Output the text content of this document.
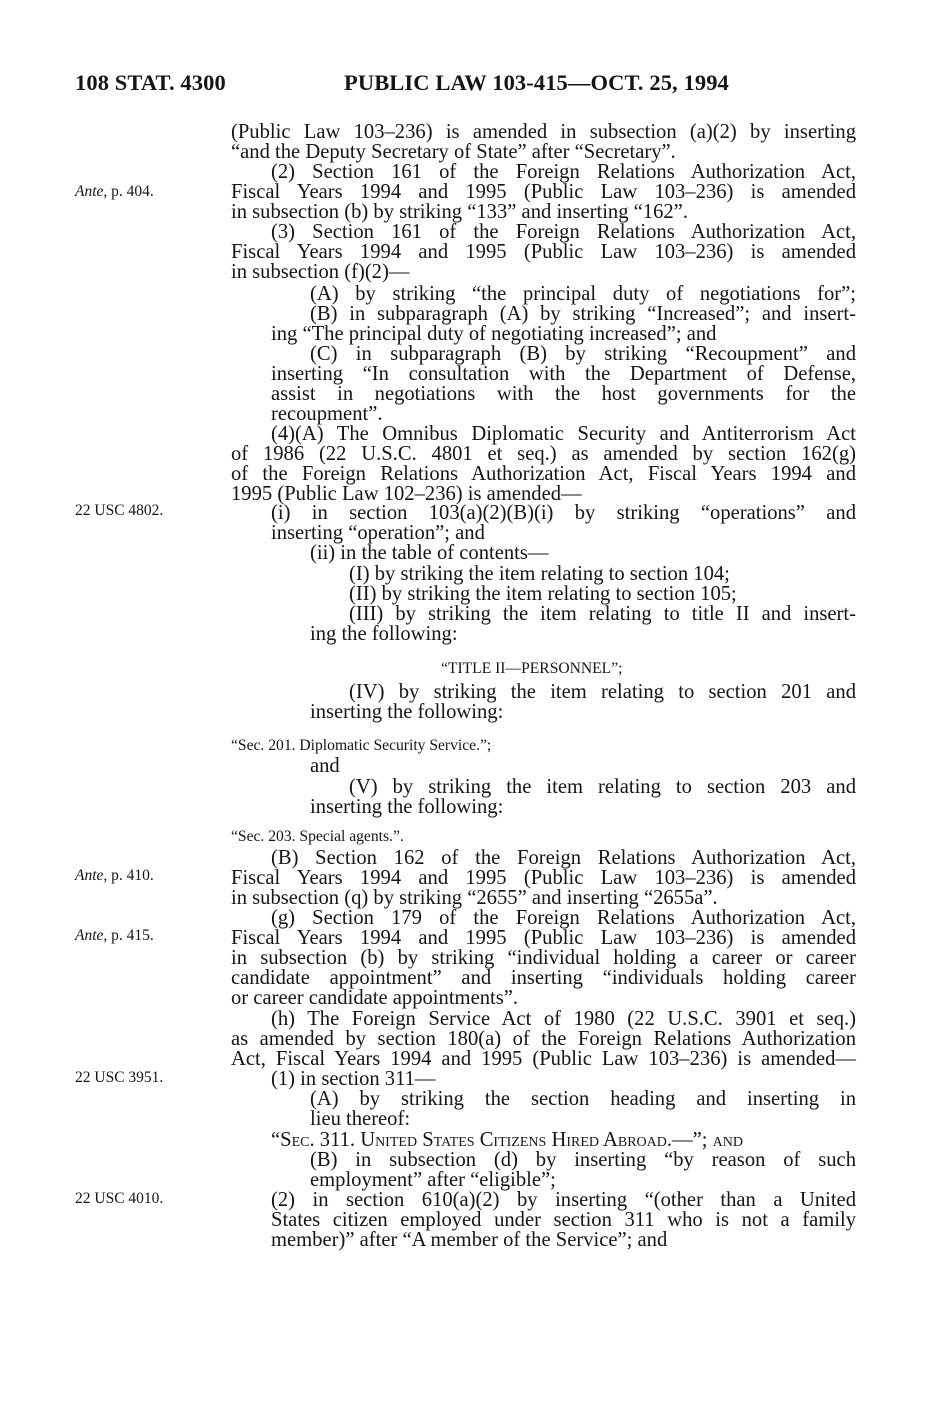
108 STAT. 4300	PUBLIC LAW 103-415—OCT. 25, 1994
Ante, p. 404.
22 USC 4802.
Ante, p. 410.
Ante, p. 415.
22 USC 3951.
22 USC 4010.
(Public Law 103–236) is amended in subsection (a)(2) by inserting
“and the Deputy Secretary of State” after “Secretary”.
(2) Section 161 of the Foreign Relations Authorization Act,
Fiscal Years 1994 and 1995 (Public Law 103–236) is amended
in subsection (b) by striking “133” and inserting “162”.
(3) Section 161 of the Foreign Relations Authorization Act,
Fiscal Years 1994 and 1995 (Public Law 103–236) is amended
in subsection (f)(2)—
(A) by striking “the principal duty of negotiations for”;
(B) in subparagraph (A) by striking “Increased”; and insert-
ing “The principal duty of negotiating increased”; and
(C) in subparagraph (B) by striking “Recoupment” and
inserting “In consultation with the Department of Defense,
assist in negotiations with the host governments for the
recoupment”.
(4)(A) The Omnibus Diplomatic Security and Antiterrorism Act
of 1986 (22 U.S.C. 4801 et seq.) as amended by section 162(g)
of the Foreign Relations Authorization Act, Fiscal Years 1994 and
1995 (Public Law 102–236) is amended—
(i) in section 103(a)(2)(B)(i) by striking “operations” and
inserting “operation”; and
(ii) in the table of contents—
(I) by striking the item relating to section 104;
(II) by striking the item relating to section 105;
(III) by striking the item relating to title II and insert-
ing the following:
“TITLE II—PERSONNEL”;
(IV) by striking the item relating to section 201 and
inserting the following:
“Sec. 201. Diplomatic Security Service.”;
and
(V) by striking the item relating to section 203 and
inserting the following:
“Sec. 203. Special agents.”.
(B) Section 162 of the Foreign Relations Authorization Act,
Fiscal Years 1994 and 1995 (Public Law 103–236) is amended
in subsection (q) by striking “2655” and inserting “2655a”.
(g) Section 179 of the Foreign Relations Authorization Act,
Fiscal Years 1994 and 1995 (Public Law 103–236) is amended
in subsection (b) by striking “individual holding a career or career
candidate appointment” and inserting “individuals holding career
or career candidate appointments”.
(h) The Foreign Service Act of 1980 (22 U.S.C. 3901 et seq.)
as amended by section 180(a) of the Foreign Relations Authorization
Act, Fiscal Years 1994 and 1995 (Public Law 103–236) is amended—
(1) in section 311—
(A) by striking the section heading and inserting in
lieu thereof:
“Sec. 311. United States Citizens Hired Abroad.—”; and
(B) in subsection (d) by inserting “by reason of such
employment” after “eligible”;
(2) in section 610(a)(2) by inserting “(other than a United
States citizen employed under section 311 who is not a family
member)” after “A member of the Service”; and
